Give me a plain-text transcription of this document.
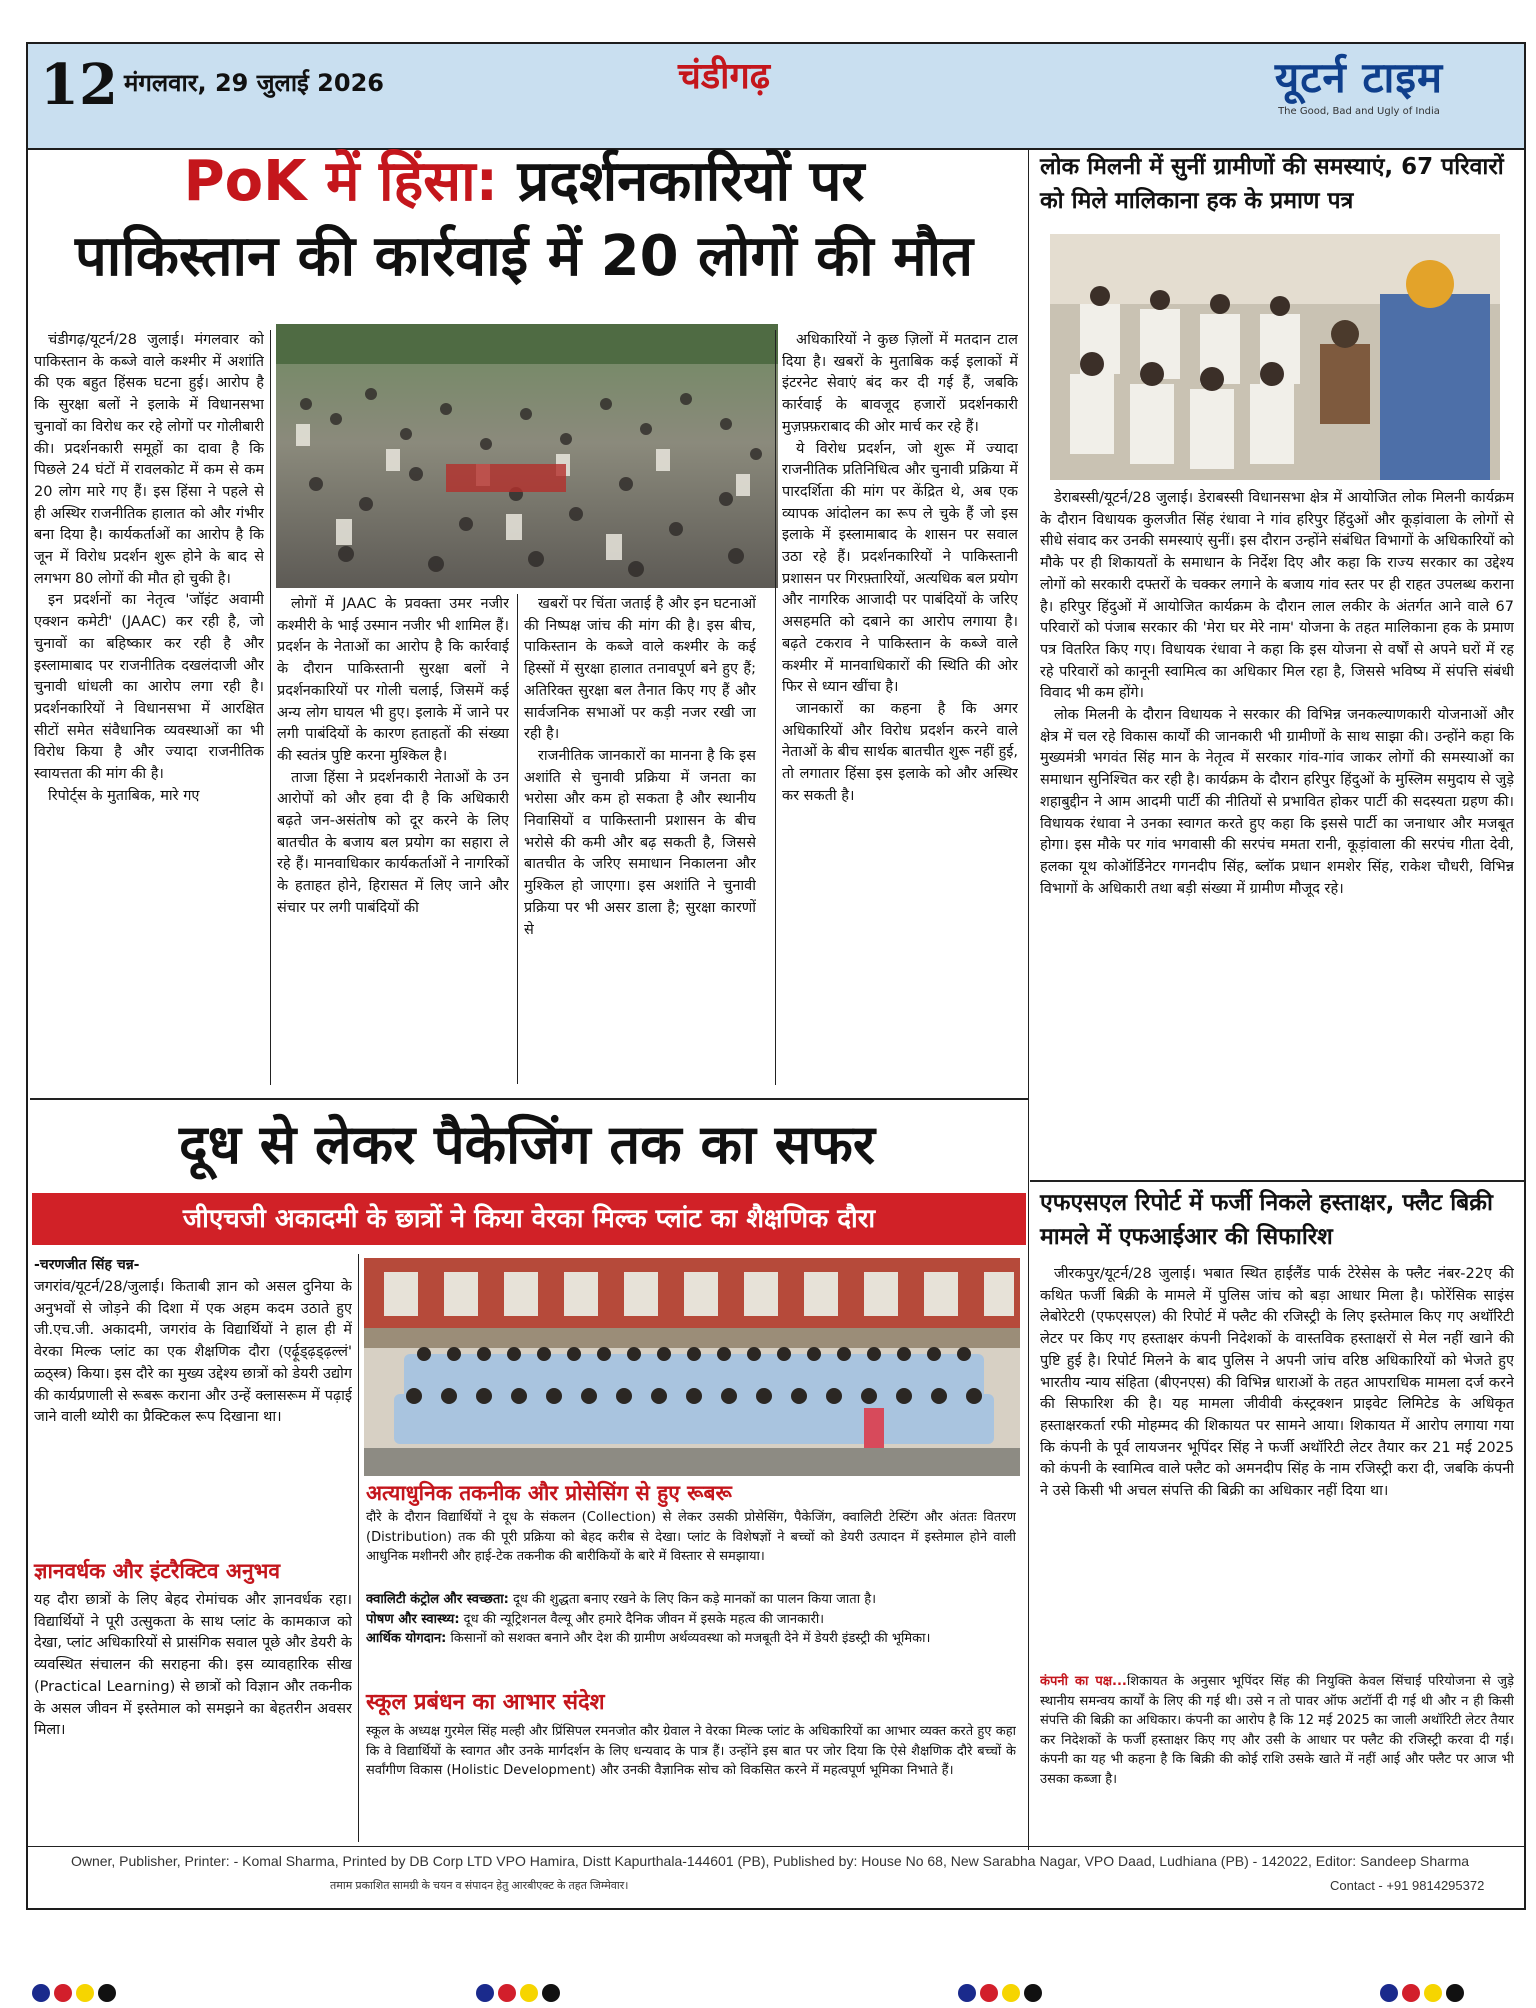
12 मंगलवार, 29 जुलाई 2026	चंडीगढ़	यूटर्न टाइम
The Good, Bad and Ugly of India
PoK में हिंसा: प्रदर्शनकारियों पर
पाकिस्तान की कार्रवाई में 20 लोगों की मौत

चंडीगढ़/यूटर्न/28 जुलाई। मंगलवार को पाकिस्तान के कब्जे वाले कश्मीर में अशांति की एक बहुत हिंसक घटना हुई। आरोप है कि सुरक्षा बलों ने इलाके में विधानसभा चुनावों का विरोध कर रहे लोगों पर गोलीबारी की। प्रदर्शनकारी समूहों का दावा है कि पिछले 24 घंटों में रावलकोट में कम से कम 20 लोग मारे गए हैं। इस हिंसा ने पहले से ही अस्थिर राजनीतिक हालात को और गंभीर बना दिया है। कार्यकर्ताओं का आरोप है कि जून में विरोध प्रदर्शन शुरू होने के बाद से लगभग 80 लोगों की मौत हो चुकी है।

इन प्रदर्शनों का नेतृत्व 'जॉइंट अवामी एक्शन कमेटी' (JAAC) कर रही है, जो चुनावों का बहिष्कार कर रही है और इस्लामाबाद पर राजनीतिक दखलंदाजी और चुनावी धांधली का आरोप लगा रही है। प्रदर्शनकारियों ने विधानसभा में आरक्षित सीटों समेत संवैधानिक व्यवस्थाओं का भी विरोध किया है और ज्यादा राजनीतिक स्वायत्तता की मांग की है।

रिपोर्ट्स के मुताबिक, मारे गए

लोगों में JAAC के प्रवक्ता उमर नजीर कश्मीरी के भाई उस्मान नजीर भी शामिल हैं। प्रदर्शन के नेताओं का आरोप है कि कार्रवाई के दौरान पाकिस्तानी सुरक्षा बलों ने प्रदर्शनकारियों पर गोली चलाई, जिसमें कई अन्य लोग घायल भी हुए। इलाके में जाने पर लगी पाबंदियों के कारण हताहतों की संख्या की स्वतंत्र पुष्टि करना मुश्किल है।

ताजा हिंसा ने प्रदर्शनकारी नेताओं के उन आरोपों को और हवा दी है कि अधिकारी बढ़ते जन-असंतोष को दूर करने के लिए बातचीत के बजाय बल प्रयोग का सहारा ले रहे हैं। मानवाधिकार कार्यकर्ताओं ने नागरिकों के हताहत होने, हिरासत में लिए जाने और संचार पर लगी पाबंदियों की

खबरों पर चिंता जताई है और इन घटनाओं की निष्पक्ष जांच की मांग की है। इस बीच, पाकिस्तान के कब्जे वाले कश्मीर के कई हिस्सों में सुरक्षा हालात तनावपूर्ण बने हुए हैं; अतिरिक्त सुरक्षा बल तैनात किए गए हैं और सार्वजनिक सभाओं पर कड़ी नजर रखी जा रही है।

राजनीतिक जानकारों का मानना है कि इस अशांति से चुनावी प्रक्रिया में जनता का भरोसा और कम हो सकता है और स्थानीय निवासियों व पाकिस्तानी प्रशासन के बीच भरोसे की कमी और बढ़ सकती है, जिससे बातचीत के जरिए समाधान निकालना और मुश्किल हो जाएगा। इस अशांति ने चुनावी प्रक्रिया पर भी असर डाला है; सुरक्षा कारणों से

अधिकारियों ने कुछ ज़िलों में मतदान टाल दिया है। खबरों के मुताबिक कई इलाकों में इंटरनेट सेवाएं बंद कर दी गई हैं, जबकि कार्रवाई के बावजूद हजारों प्रदर्शनकारी मुज़फ़्फ़राबाद की ओर मार्च कर रहे हैं।

ये विरोध प्रदर्शन, जो शुरू में ज्यादा राजनीतिक प्रतिनिधित्व और चुनावी प्रक्रिया में पारदर्शिता की मांग पर केंद्रित थे, अब एक व्यापक आंदोलन का रूप ले चुके हैं जो इस इलाके में इस्लामाबाद के शासन पर सवाल उठा रहे हैं। प्रदर्शनकारियों ने पाकिस्तानी प्रशासन पर गिरफ़्तारियों, अत्यधिक बल प्रयोग और नागरिक आजादी पर पाबंदियों के जरिए असहमति को दबाने का आरोप लगाया है। बढ़ते टकराव ने पाकिस्तान के कब्जे वाले कश्मीर में मानवाधिकारों की स्थिति की ओर फिर से ध्यान खींचा है।

जानकारों का कहना है कि अगर अधिकारियों और विरोध प्रदर्शन करने वाले नेताओं के बीच सार्थक बातचीत शुरू नहीं हुई, तो लगातार हिंसा इस इलाके को और अस्थिर कर सकती है।

लोक मिलनी में सुनीं ग्रामीणों की समस्याएं, 67 परिवारों को मिले मालिकाना हक के प्रमाण पत्र

डेराबस्सी/यूटर्न/28 जुलाई। डेराबस्सी विधानसभा क्षेत्र में आयोजित लोक मिलनी कार्यक्रम के दौरान विधायक कुलजीत सिंह रंधावा ने गांव हरिपुर हिंदुओं और कूड़ांवाला के लोगों से सीधे संवाद कर उनकी समस्याएं सुनीं। इस दौरान उन्होंने संबंधित विभागों के अधिकारियों को मौके पर ही शिकायतों के समाधान के निर्देश दिए और कहा कि राज्य सरकार का उद्देश्य लोगों को सरकारी दफ्तरों के चक्कर लगाने के बजाय गांव स्तर पर ही राहत उपलब्ध कराना है। हरिपुर हिंदुओं में आयोजित कार्यक्रम के दौरान लाल लकीर के अंतर्गत आने वाले 67 परिवारों को पंजाब सरकार की 'मेरा घर मेरे नाम' योजना के तहत मालिकाना हक के प्रमाण पत्र वितरित किए गए। विधायक रंधावा ने कहा कि इस योजना से वर्षों से अपने घरों में रह रहे परिवारों को कानूनी स्वामित्व का अधिकार मिल रहा है, जिससे भविष्य में संपत्ति संबंधी विवाद भी कम होंगे।

लोक मिलनी के दौरान विधायक ने सरकार की विभिन्न जनकल्याणकारी योजनाओं और क्षेत्र में चल रहे विकास कार्यों की जानकारी भी ग्रामीणों के साथ साझा की। उन्होंने कहा कि मुख्यमंत्री भगवंत सिंह मान के नेतृत्व में सरकार गांव-गांव जाकर लोगों की समस्याओं का समाधान सुनिश्चित कर रही है। कार्यक्रम के दौरान हरिपुर हिंदुओं के मुस्लिम समुदाय से जुड़े शहाबुद्दीन ने आम आदमी पार्टी की नीतियों से प्रभावित होकर पार्टी की सदस्यता ग्रहण की। विधायक रंधावा ने उनका स्वागत करते हुए कहा कि इससे पार्टी का जनाधार और मजबूत होगा। इस मौके पर गांव भगवासी की सरपंच ममता रानी, कूड़ांवाला की सरपंच गीता देवी, हलका यूथ कोऑर्डिनेटर गगनदीप सिंह, ब्लॉक प्रधान शमशेर सिंह, राकेश चौधरी, विभिन्न विभागों के अधिकारी तथा बड़ी संख्या में ग्रामीण मौजूद रहे।

एफएसएल रिपोर्ट में फर्जी निकले हस्ताक्षर, फ्लैट बिक्री मामले में एफआईआर की सिफारिश

जीरकपुर/यूटर्न/28 जुलाई। भबात स्थित हाईलैंड पार्क टेरेसेस के फ्लैट नंबर-22ए की कथित फर्जी बिक्री के मामले में पुलिस जांच को बड़ा आधार मिला है। फोरेंसिक साइंस लेबोरेटरी (एफएसएल) की रिपोर्ट में फ्लैट की रजिस्ट्री के लिए इस्तेमाल किए गए अथॉरिटी लेटर पर किए गए हस्ताक्षर कंपनी निदेशकों के वास्तविक हस्ताक्षरों से मेल नहीं खाने की पुष्टि हुई है। रिपोर्ट मिलने के बाद पुलिस ने अपनी जांच वरिष्ठ अधिकारियों को भेजते हुए भारतीय न्याय संहिता (बीएनएस) की विभिन्न धाराओं के तहत आपराधिक मामला दर्ज करने की सिफारिश की है। यह मामला जीवीवी कंस्ट्रक्शन प्राइवेट लिमिटेड के अधिकृत हस्ताक्षरकर्ता रफी मोहम्मद की शिकायत पर सामने आया। शिकायत में आरोप लगाया गया कि कंपनी के पूर्व लायजनर भूपिंदर सिंह ने फर्जी अथॉरिटी लेटर तैयार कर 21 मई 2025 को कंपनी के स्वामित्व वाले फ्लैट को अमनदीप सिंह के नाम रजिस्ट्री करा दी, जबकि कंपनी ने उसे किसी भी अचल संपत्ति की बिक्री का अधिकार नहीं दिया था।

कंपनी का पक्ष...शिकायत के अनुसार भूपिंदर सिंह की नियुक्ति केवल सिंचाई परियोजना से जुड़े स्थानीय समन्वय कार्यों के लिए की गई थी। उसे न तो पावर ऑफ अटॉर्नी दी गई थी और न ही किसी संपत्ति की बिक्री का अधिकार। कंपनी का आरोप है कि 12 मई 2025 का जाली अथॉरिटी लेटर तैयार कर निदेशकों के फर्जी हस्ताक्षर किए गए और उसी के आधार पर फ्लैट की रजिस्ट्री करवा दी गई। कंपनी का यह भी कहना है कि बिक्री की कोई राशि उसके खाते में नहीं आई और फ्लैट पर आज भी उसका कब्जा है।
दूध से लेकर पैकेजिंग तक का सफर
जीएचजी अकादमी के छात्रों ने किया वेरका मिल्क प्लांट का शैक्षणिक दौरा
-चरणजीत सिंह चन्न-
जगरांव/यूटर्न/28/जुलाई। किताबी ज्ञान को असल दुनिया के अनुभवों से जोड़ने की दिशा में एक अहम कदम उठाते हुए जी.एच.जी. अकादमी, जगरांव के विद्यार्थियों ने हाल ही में वेरका मिल्क प्लांट का एक शैक्षणिक दौरा (एर्ढ़ूड्ढ़ड्ढ़ल्लं' ळ्ठ्स्त्र) किया। इस दौरे का मुख्य उद्देश्य छात्रों को डेयरी उद्योग की कार्यप्रणाली से रूबरू कराना और उन्हें क्लासरूम में पढ़ाई जाने वाली थ्योरी का प्रैक्टिकल रूप दिखाना था।
ज्ञानवर्धक और इंटरैक्टिव अनुभव
यह दौरा छात्रों के लिए बेहद रोमांचक और ज्ञानवर्धक रहा। विद्यार्थियों ने पूरी उत्सुकता के साथ प्लांट के कामकाज को देखा, प्लांट अधिकारियों से प्रासंगिक सवाल पूछे और डेयरी के व्यवस्थित संचालन की सराहना की। इस व्यावहारिक सीख (Practical Learning) से छात्रों को विज्ञान और तकनीक के असल जीवन में इस्तेमाल को समझने का बेहतरीन अवसर मिला।
अत्याधुनिक तकनीक और प्रोसेसिंग से हुए रूबरू
दौरे के दौरान विद्यार्थियों ने दूध के संकलन (Collection) से लेकर उसकी प्रोसेसिंग, पैकेजिंग, क्वालिटी टेस्टिंग और अंततः वितरण (Distribution) तक की पूरी प्रक्रिया को बेहद करीब से देखा। प्लांट के विशेषज्ञों ने बच्चों को डेयरी उत्पादन में इस्तेमाल होने वाली आधुनिक मशीनरी और हाई-टेक तकनीक की बारीकियों के बारे में विस्तार से समझाया।
क्वालिटी कंट्रोल और स्वच्छता: दूध की शुद्धता बनाए रखने के लिए किन कड़े मानकों का पालन किया जाता है।
पोषण और स्वास्थ्य: दूध की न्यूट्रिशनल वैल्यू और हमारे दैनिक जीवन में इसके महत्व की जानकारी।
आर्थिक योगदान: किसानों को सशक्त बनाने और देश की ग्रामीण अर्थव्यवस्था को मजबूती देने में डेयरी इंडस्ट्री की भूमिका।
स्कूल प्रबंधन का आभार संदेश
स्कूल के अध्यक्ष गुरमेल सिंह मल्ही और प्रिंसिपल रमनजोत कौर ग्रेवाल ने वेरका मिल्क प्लांट के अधिकारियों का आभार व्यक्त करते हुए कहा कि वे विद्यार्थियों के स्वागत और उनके मार्गदर्शन के लिए धन्यवाद के पात्र हैं। उन्होंने इस बात पर जोर दिया कि ऐसे शैक्षणिक दौरे बच्चों के सर्वांगीण विकास (Holistic Development) और उनकी वैज्ञानिक सोच को विकसित करने में महत्वपूर्ण भूमिका निभाते हैं।
Owner, Publisher, Printer: - Komal Sharma, Printed by DB Corp LTD VPO Hamira, Distt Kapurthala-144601 (PB), Published by: House No 68, New Sarabha Nagar, VPO Daad, Ludhiana (PB) - 142022, Editor: Sandeep Sharma
तमाम प्रकाशित सामग्री के चयन व संपादन हेतु आरबीएक्ट के तहत जिम्मेवार।	Contact - +91 9814295372
